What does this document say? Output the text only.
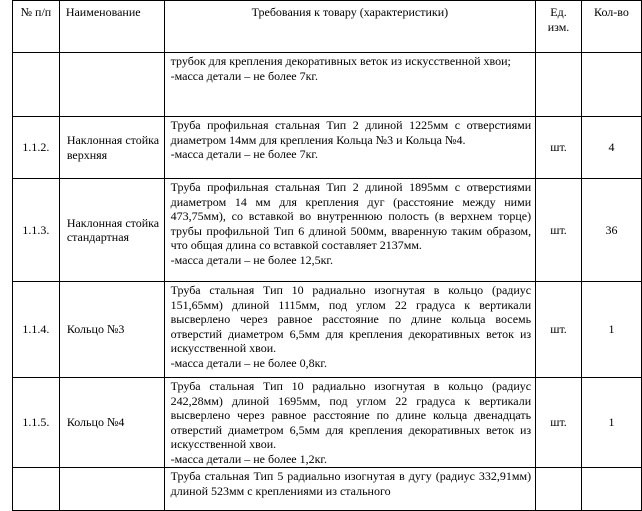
№ п/п	Наименование	Требования к товару (характеристики)	Ед. изм.	Кол-во

		трубок для крепления декоративных веток из искусственной хвои;
-масса детали – не более 7кг.		

1.1.2.	Наклонная стойка верхняя	Труба профильная стальная Тип 2 длиной 1225мм с отверстиями диаметром 14мм для крепления Кольца №3 и Кольца №4.
-масса детали – не более 7кг.	шт.	4
1.1.3.	Наклонная стойка стандартная	Труба профильная стальная Тип 2 длиной 1895мм с отверстиями диаметром 14 мм для крепления дуг (расстояние между ними 473,75мм), со вставкой во внутреннюю полость (в верхнем торце) трубы профильной Тип 6 длиной 500мм, вваренную таким образом, что общая длина со вставкой составляет 2137мм.
-масса детали – не более 12,5кг.	шт.	36
1.1.4.	Кольцо №3	Труба стальная Тип 10 радиально изогнутая в кольцо (радиус 151,65мм) длиной 1115мм, под углом 22 градуса к вертикали высверлено через равное расстояние по длине кольца восемь отверстий диаметром 6,5мм для крепления декоративных веток из искусственной хвои.
-масса детали – не более 0,8кг.	шт.	1
1.1.5.	Кольцо №4	Труба стальная Тип 10 радиально изогнутая в кольцо (радиус 242,28мм) длиной 1695мм, под углом 22 градуса к вертикали высверлено через равное расстояние по длине кольца двенадцать отверстий диаметром 6,5мм для крепления декоративных веток из искусственной хвои.
-масса детали – не более 1,2кг.	шт.	1

		Труба стальная Тип 5 радиально изогнутая в дугу (радиус 332,91мм) длиной 523мм с креплениями из стального		
